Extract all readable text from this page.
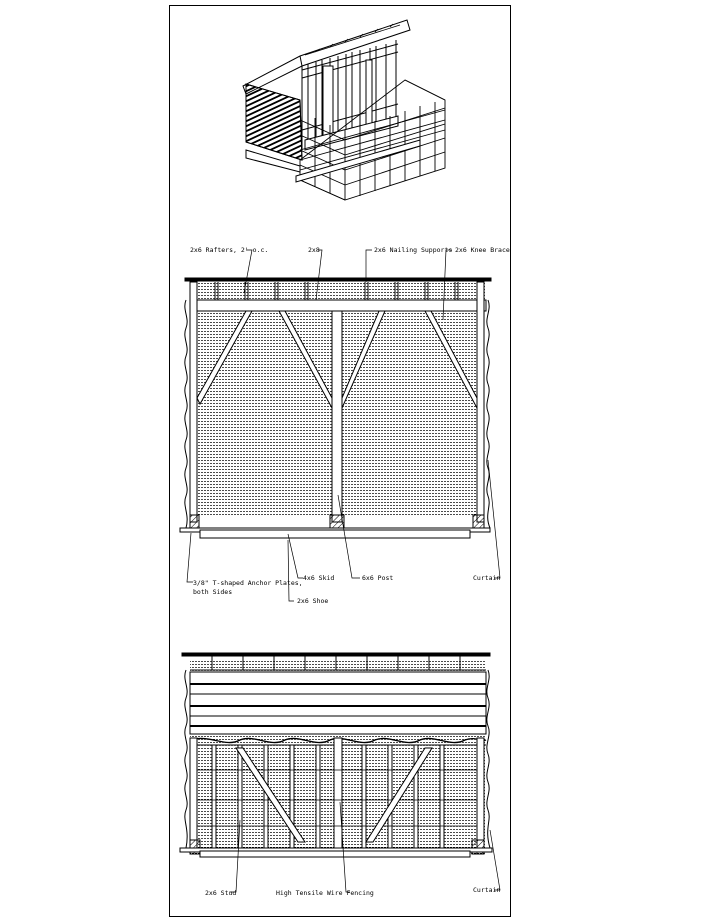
2x6 Rafters, 2' o.c.	2x8	2x6 Nailing Supports 2x6 Knee Brace
3/8" T-shaped Anchor Plates,
both Sides
4x6 Skid	6x6 Post	Curtain
2x6 Shoe
2x6 Stud	High Tensile Wire Fencing	Curtain
